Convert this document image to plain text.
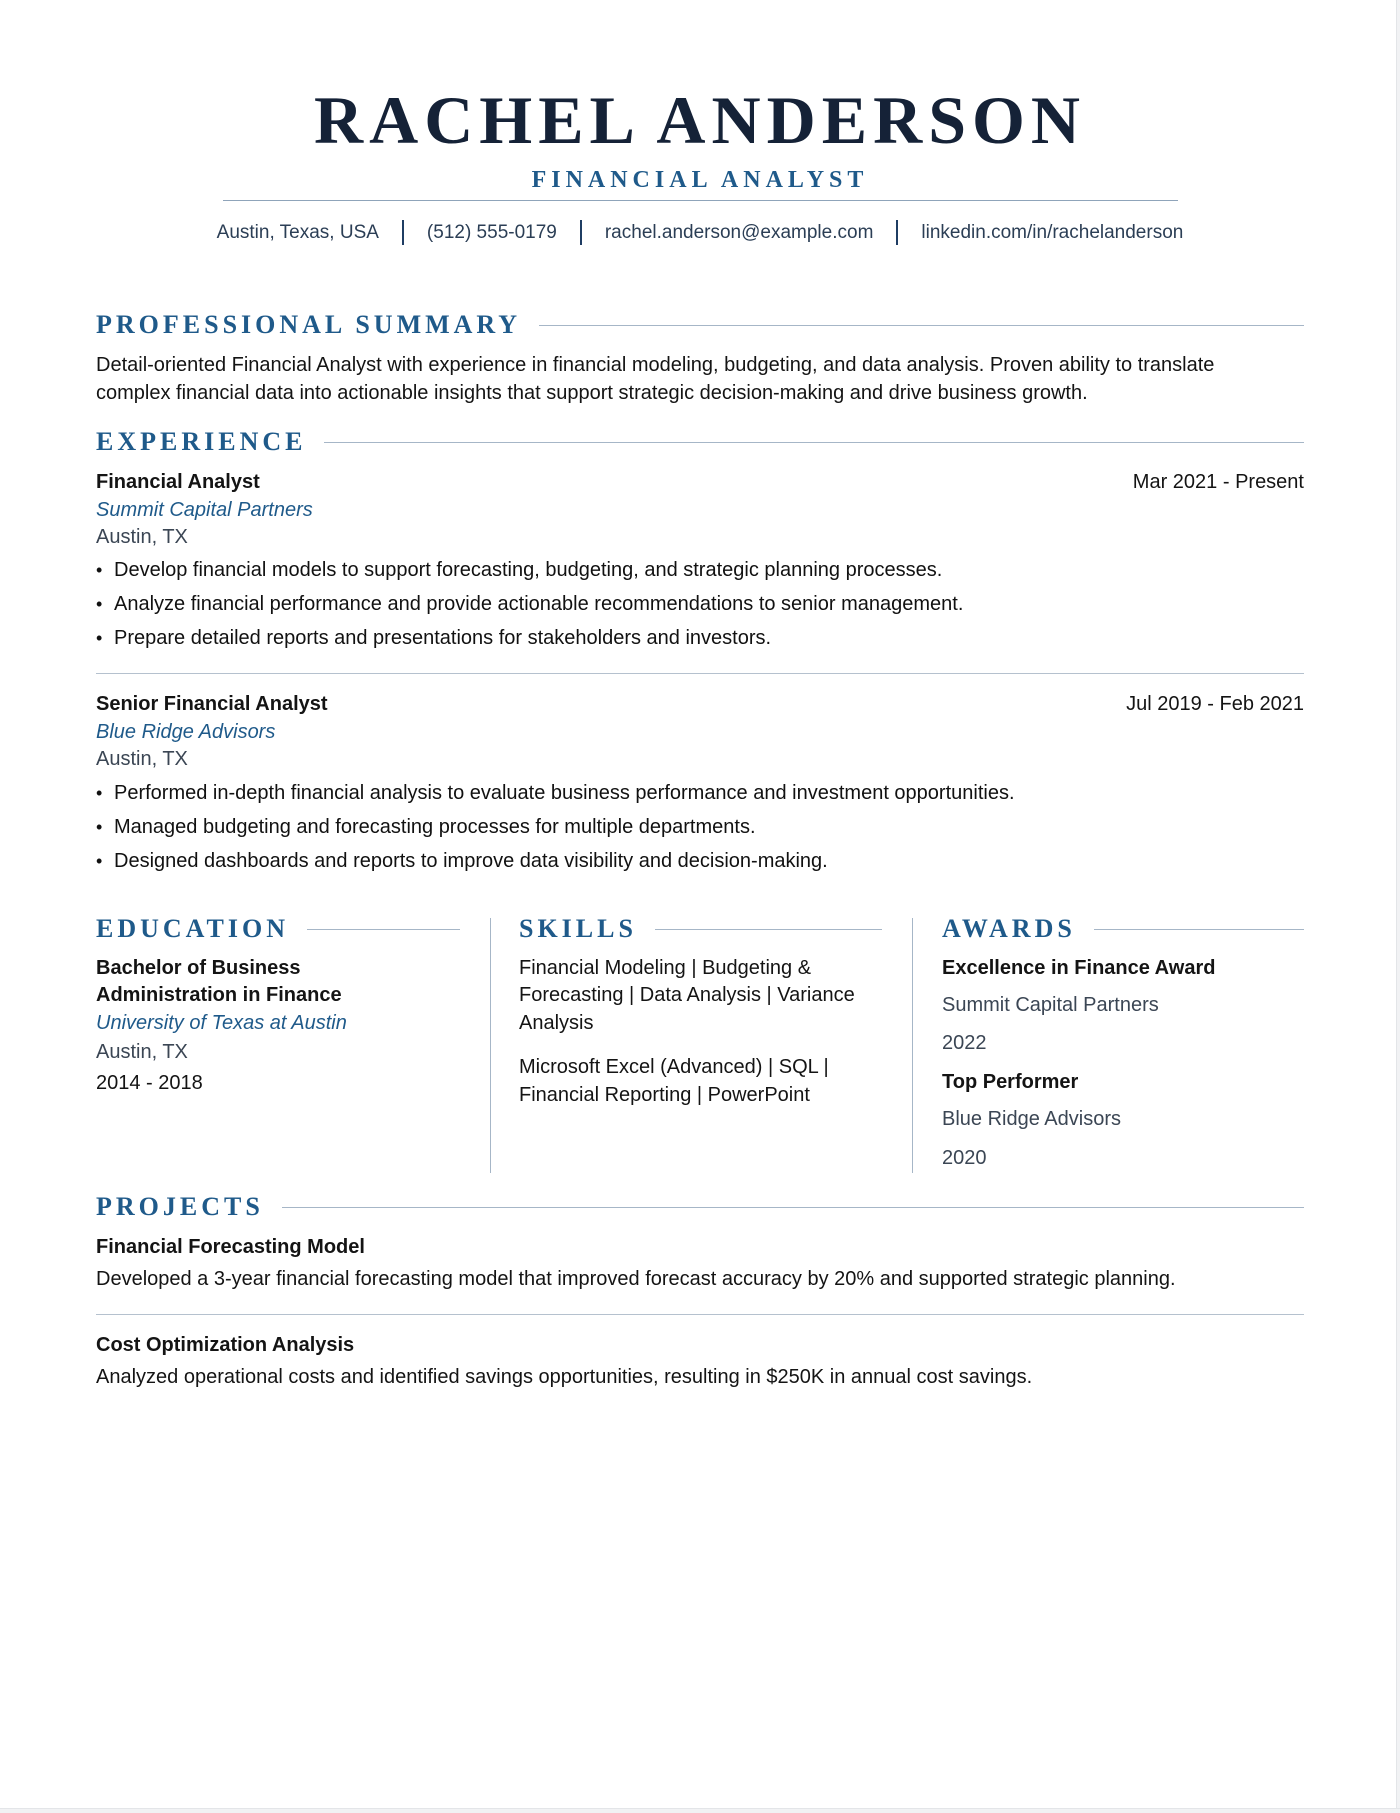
RACHEL ANDERSON
FINANCIAL ANALYST
Austin, Texas, USA	(512) 555-0179	rachel.anderson@example.com	linkedin.com/in/rachelanderson
PROFESSIONAL SUMMARY
Detail-oriented Financial Analyst with experience in financial modeling, budgeting, and data analysis. Proven ability to translate
complex financial data into actionable insights that support strategic decision-making and drive business growth.
EXPERIENCE
Financial Analyst	Mar 2021 - Present
Summit Capital Partners
Austin, TX
• Develop financial models to support forecasting, budgeting, and strategic planning processes.
• Analyze financial performance and provide actionable recommendations to senior management.
• Prepare detailed reports and presentations for stakeholders and investors.
Senior Financial Analyst	Jul 2019 - Feb 2021
Blue Ridge Advisors
Austin, TX
• Performed in-depth financial analysis to evaluate business performance and investment opportunities.
• Managed budgeting and forecasting processes for multiple departments.
• Designed dashboards and reports to improve data visibility and decision-making.
EDUCATION
Bachelor of Business
Administration in Finance
University of Texas at Austin
Austin, TX
2014 - 2018
SKILLS
Financial Modeling | Budgeting &
Forecasting | Data Analysis | Variance
Analysis
Microsoft Excel (Advanced) | SQL |
Financial Reporting | PowerPoint
AWARDS
Excellence in Finance Award
Summit Capital Partners
2022
Top Performer
Blue Ridge Advisors
2020
PROJECTS
Financial Forecasting Model
Developed a 3-year financial forecasting model that improved forecast accuracy by 20% and supported strategic planning.
Cost Optimization Analysis
Analyzed operational costs and identified savings opportunities, resulting in $250K in annual cost savings.
